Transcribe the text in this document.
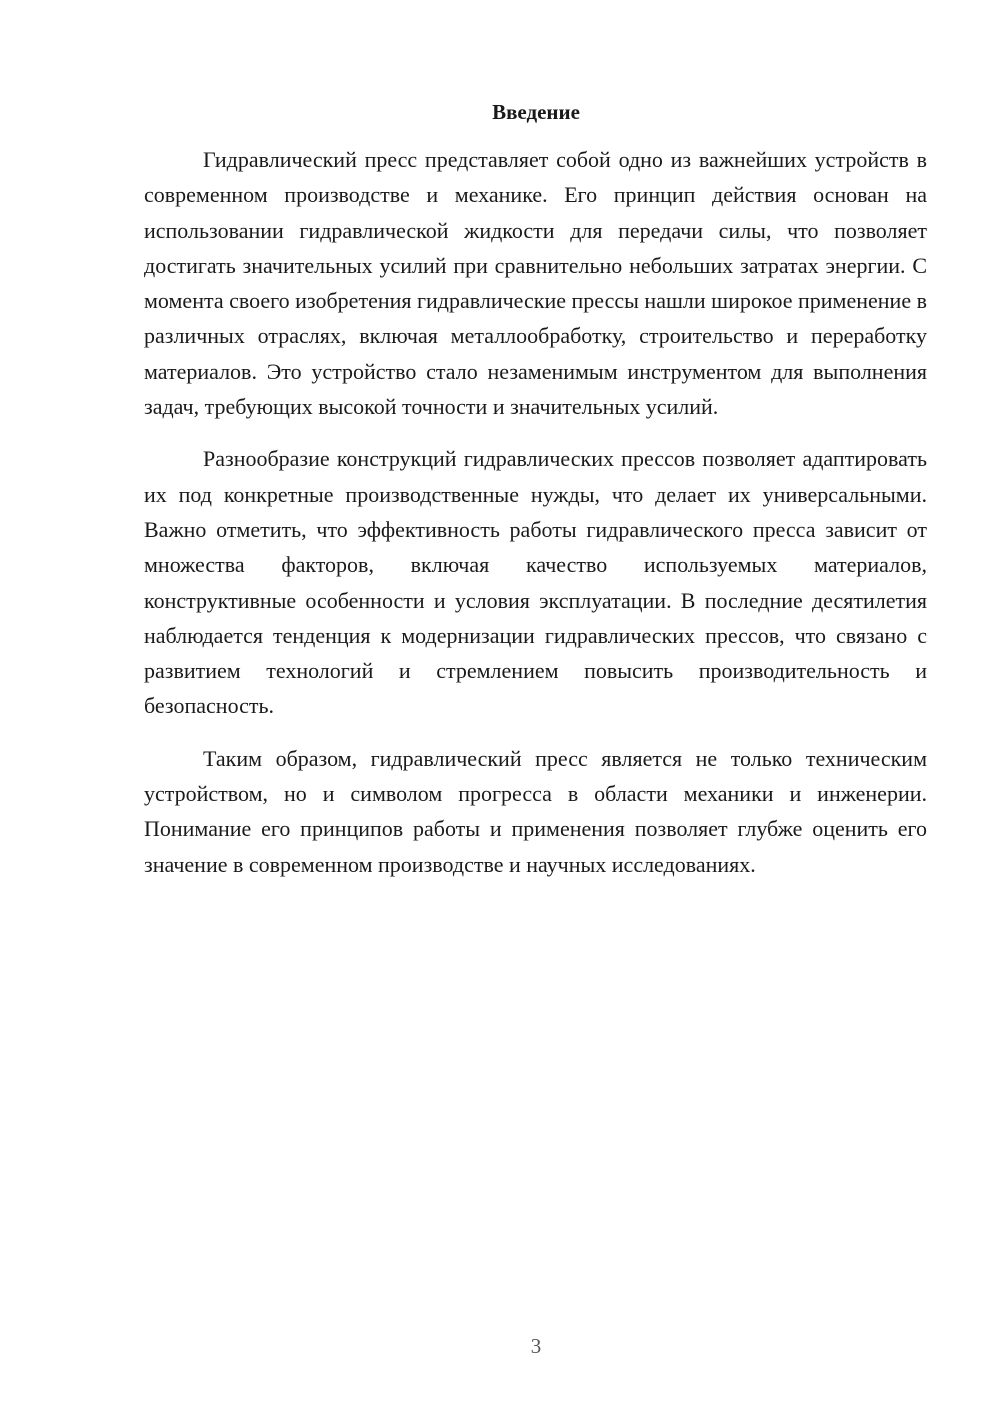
Введение

Гидравлический пресс представляет собой одно из важнейших устройств в современном производстве и механике. Его принцип действия основан на использовании гидравлической жидкости для передачи силы, что позволяет достигать значительных усилий при сравнительно небольших затратах энергии. С момента своего изобретения гидравлические прессы нашли широкое применение в различных отраслях, включая металлообработку, строительство и переработку материалов. Это устройство стало незаменимым инструментом для выполнения задач, требующих высокой точности и значительных усилий.

Разнообразие конструкций гидравлических прессов позволяет адаптировать их под конкретные производственные нужды, что делает их универсальными. Важно отметить, что эффективность работы гидравлического пресса зависит от множества факторов, включая качество используемых материалов, конструктивные особенности и условия эксплуатации. В последние десятилетия наблюдается тенденция к модернизации гидравлических прессов, что связано с развитием технологий и стремлением повысить производительность и безопасность.

Таким образом, гидравлический пресс является не только техническим устройством, но и символом прогресса в области механики и инженерии. Понимание его принципов работы и применения позволяет глубже оценить его значение в современном производстве и научных исследованиях.

3
